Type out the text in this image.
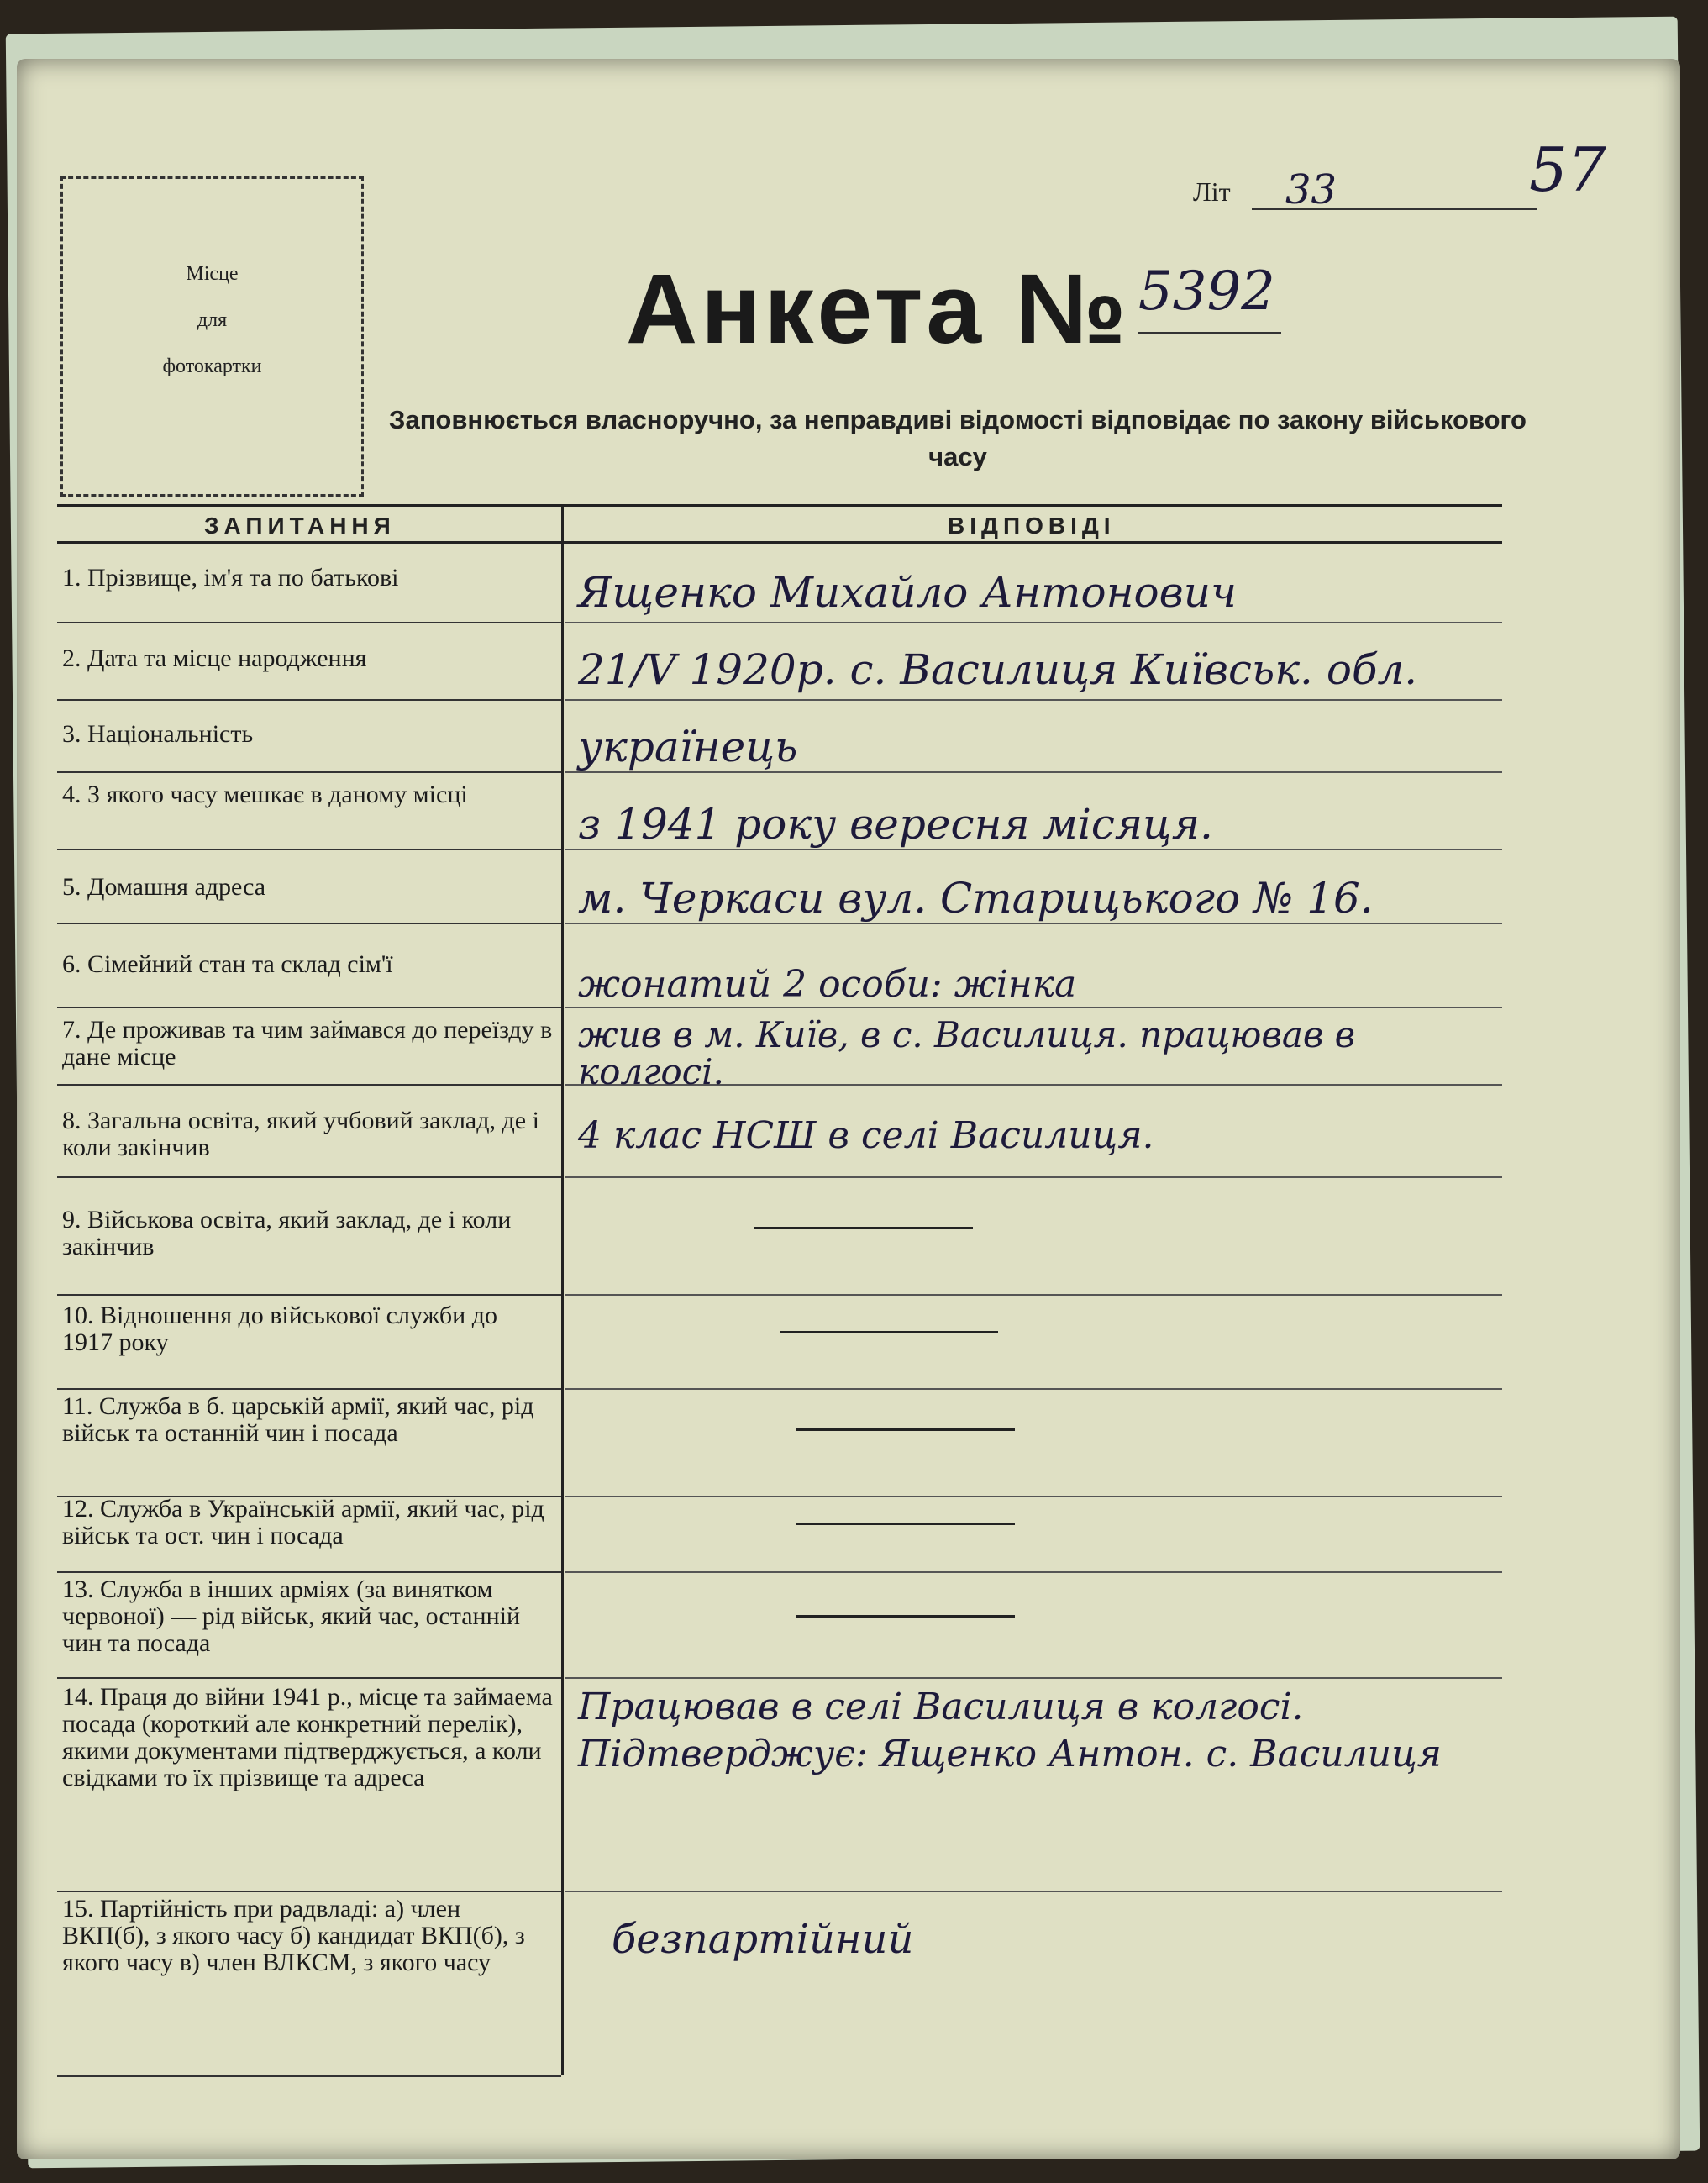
Місце
для
фотокартки
Літ 33	57
Анкета № 5392
Заповнюється власноручно, за неправдиві відомості відповідає по закону військового часу
ЗАПИТАННЯ	ВІДПОВІДІ
1. Прізвище, ім'я та по батькові
2. Дата та місце народження
3. Національність
4. З якого часу мешкає в даному місці
5. Домашня адреса
6. Сімейний стан та склад сім'ї
7. Де проживав та чим займався до переїзду в дане місце
8. Загальна освіта, який учбовий заклад, де і коли закінчив
9. Військова освіта, який заклад, де і коли закінчив
10. Відношення до військової служби до 1917 року
11. Служба в б. царській армії, який час, рід військ та останній чин і посада
12. Служба в Українській армії, який час, рід військ та ост. чин і посада
13. Служба в інших арміях (за винятком червоної) — рід військ, який час, останній чин та посада
14. Праця до війни 1941 р., місце та займаема посада (короткий але конкретний перелік), якими документами підтверджується, а коли свідками то їх прізвище та адреса
15. Партійність при радвладі: а) член ВКП(б), з якого часу б) кандидат ВКП(б), з якого часу в) член ВЛКСМ, з якого часу
Ященко Михайло Антонович
21/V 1920р. с. Василиця Київськ. обл.
українець
з 1941 року вересня місяця.
м. Черкаси вул. Старицького № 16.
жонатий 2 особи: жінка
жив в м. Київ, в с. Василиця. працював в колгосі.
4 клас НСШ в селі Василиця.
Працював в селі Василиця в колгосі. Підтверджує: Ященко Антон. с. Василиця
безпартійний
